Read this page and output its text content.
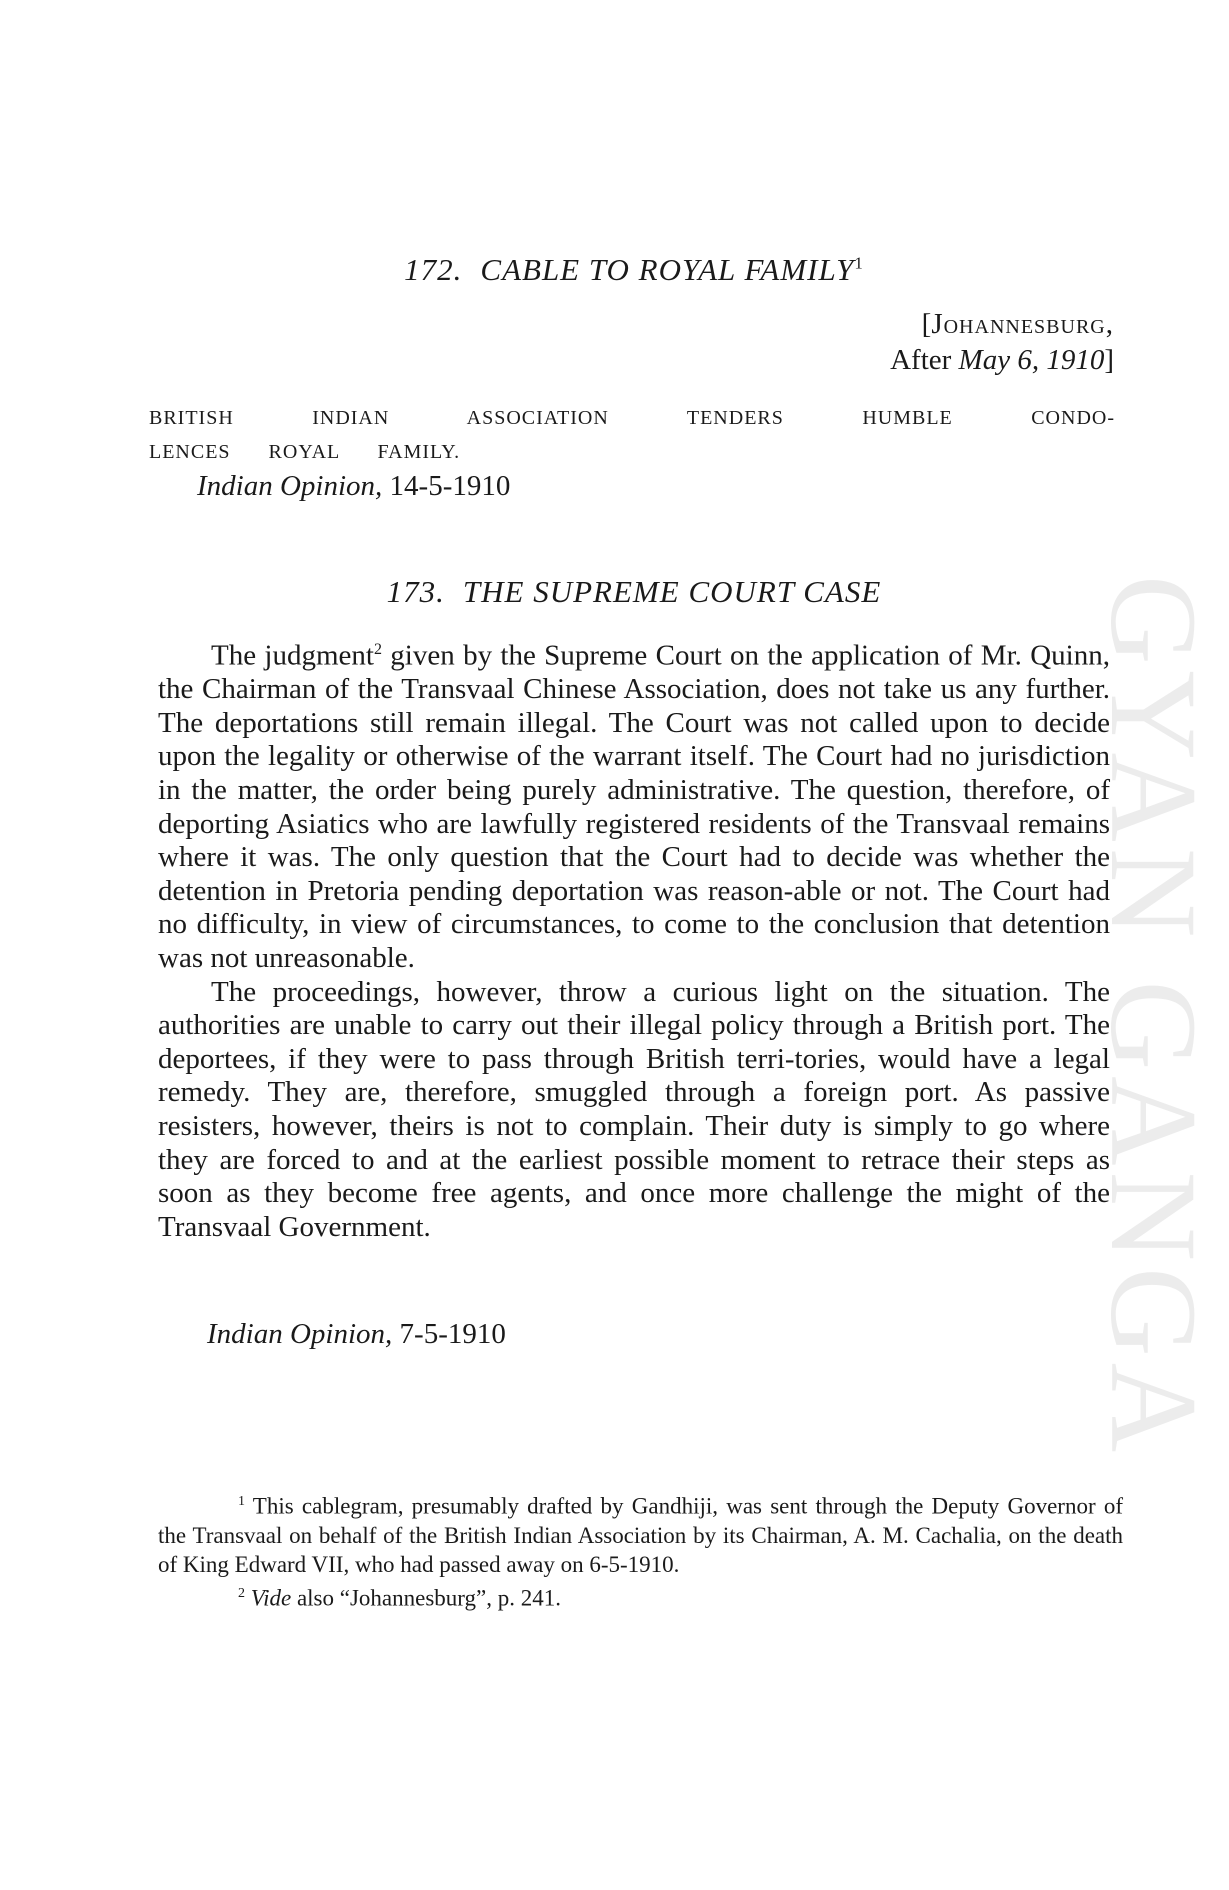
GYAN GANGA
172. CABLE TO ROYAL FAMILY$^1$
[Johannesburg,
After May 6, 1910]
BRITISH INDIAN ASSOCIATION TENDERS HUMBLE CONDO-
LENCES ROYAL FAMILY.
Indian Opinion, 14-5-1910
173. THE SUPREME COURT CASE

The judgment$^2$ given by the Supreme Court on the application of Mr. Quinn, the Chairman of the Transvaal Chinese Association, does not take us any further. The deportations still remain illegal. The Court was not called upon to decide upon the legality or otherwise of the warrant itself. The Court had no jurisdiction in the matter, the order being purely administrative. The question, therefore, of deporting Asiatics who are lawfully registered residents of the Transvaal remains where it was. The only question that the Court had to decide was whether the detention in Pretoria pending deportation was reason-able or not. The Court had no difficulty, in view of circumstances, to come to the conclusion that detention was not unreasonable.

The proceedings, however, throw a curious light on the situation. The authorities are unable to carry out their illegal policy through a British port. The deportees, if they were to pass through British terri-tories, would have a legal remedy. They are, therefore, smuggled through a foreign port. As passive resisters, however, theirs is not to complain. Their duty is simply to go where they are forced to and at the earliest possible moment to retrace their steps as soon as they become free agents, and once more challenge the might of the Transvaal Government.

Indian Opinion, 7-5-1910

$^1$ This cablegram, presumably drafted by Gandhiji, was sent through the Deputy Governor of the Transvaal on behalf of the British Indian Association by its Chairman, A. M. Cachalia, on the death of King Edward VII, who had passed away on 6-5-1910.

$^2$ Vide also “Johannesburg”, p. 241.
